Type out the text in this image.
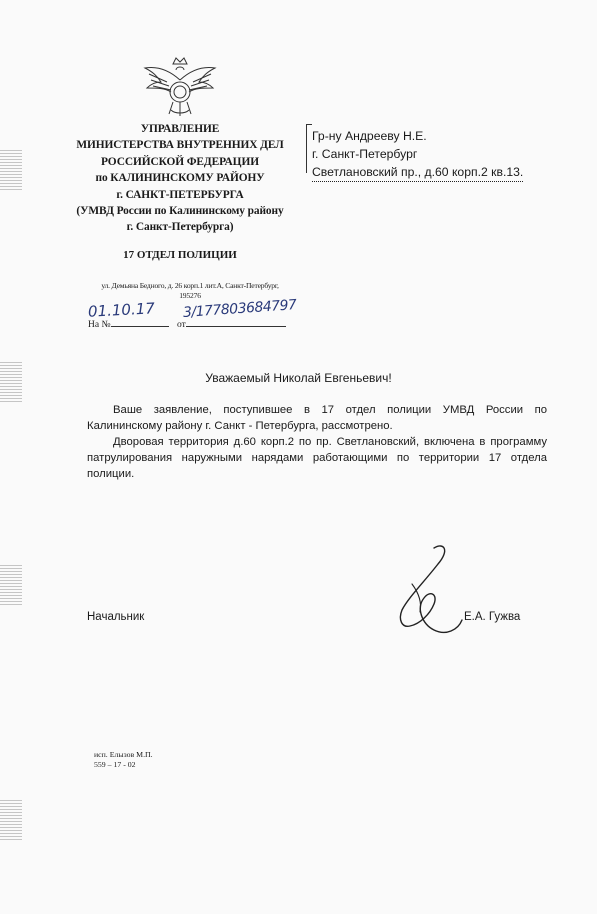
УПРАВЛЕНИЕ
МИНИСТЕРСТВА ВНУТРЕННИХ ДЕЛ
РОССИЙСКОЙ ФЕДЕРАЦИИ
по КАЛИНИНСКОМУ РАЙОНУ
г. САНКТ-ПЕТЕРБУРГА
(УМВД России по Калининскому району
г. Санкт-Петербурга)
17 ОТДЕЛ ПОЛИЦИИ
ул. Демьяна Бедного, д. 26 корп.1 лит.А, Санкт-Петербург,
195276
01.10.17 3/177803684797
На №	от
Гр-ну Андрееву Н.Е.
г. Санкт-Петербург
Светлановский пр., д.60 корп.2 кв.13.
Уважаемый Николай Евгеньевич!

Ваше заявление, поступившее в 17 отдел полиции УМВД России по Калининскому району г. Санкт - Петербурга, рассмотрено.

Дворовая территория д.60 корп.2 по пр. Светлановский, включена в программу патрулирования наружными нарядами работающими по территории 17 отдела полиции.

Начальник	Е.А. Гужва
исп. Елызов М.П.
559 – 17 - 02
